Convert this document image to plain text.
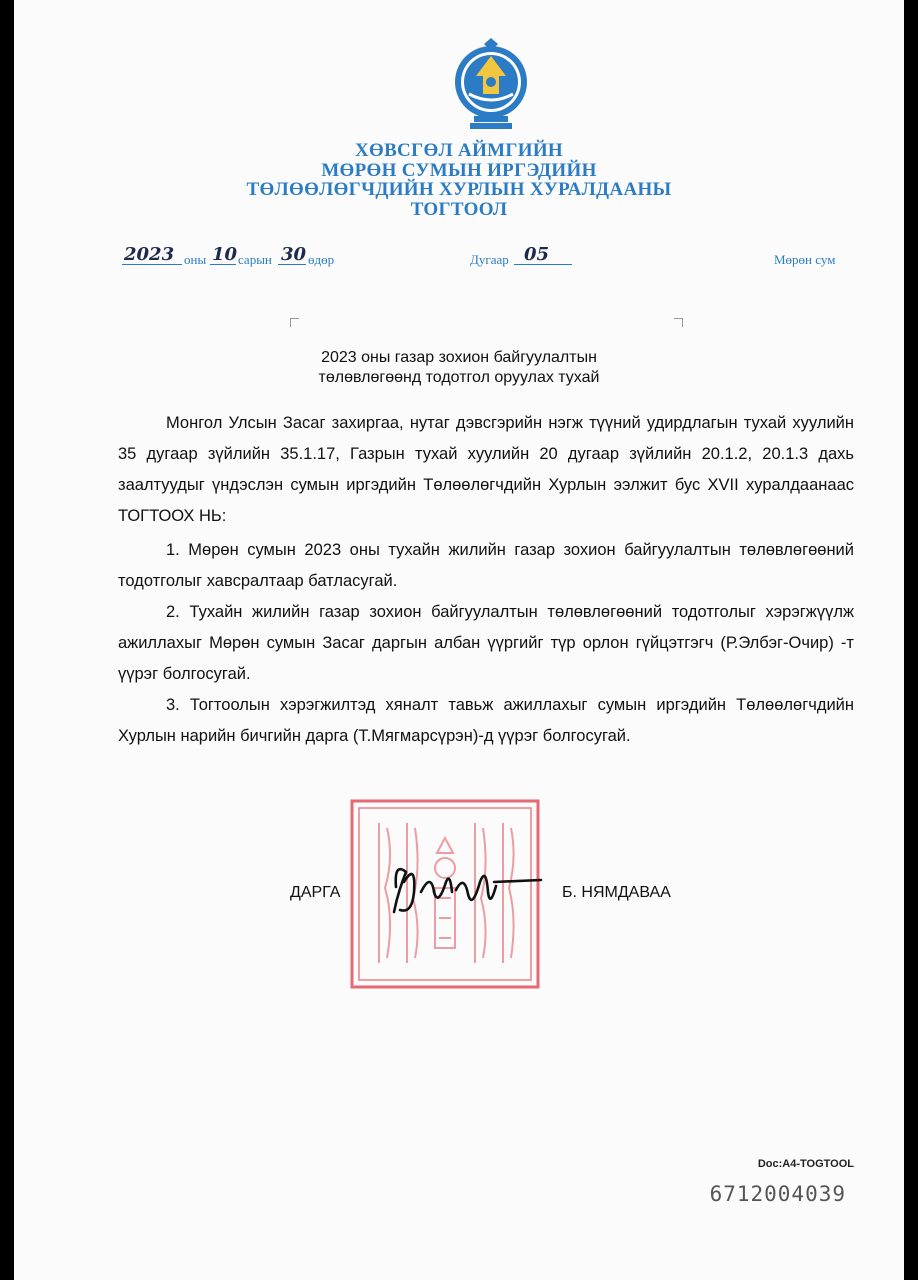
ХӨВСГӨЛ АЙМГИЙН
МӨРӨН СУМЫН ИРГЭДИЙН
ТӨЛӨӨЛӨГЧДИЙН ХУРЛЫН ХУРАЛДААНЫ
ТОГТООЛ
2023 оны 10 сарын 30 өдөр	Дугаар 05	Мөрөн сум
2023 оны газар зохион байгуулалтын
төлөвлөгөөнд тодотгол оруулах тухай
Монгол Улсын Засаг захиргаа, нутаг дэвсгэрийн нэгж түүний удирдлагын тухай хуулийн 35 дугаар зүйлийн 35.1.17, Газрын тухай хуулийн 20 дугаар зүйлийн 20.1.2, 20.1.3 дахь заалтуудыг үндэслэн сумын иргэдийн Төлөөлөгчдийн Хурлын ээлжит бус XVII хуралдаанаас ТОГТООХ НЬ:
1. Мөрөн сумын 2023 оны тухайн жилийн газар зохион байгуулалтын төлөвлөгөөний тодотголыг хавсралтаар батласугай.
2. Тухайн жилийн газар зохион байгуулалтын төлөвлөгөөний тодотголыг хэрэгжүүлж ажиллахыг Мөрөн сумын Засаг даргын албан үүргийг түр орлон гүйцэтгэгч (Р.Элбэг-Очир) -т үүрэг болгосугай.
3. Тогтоолын хэрэгжилтэд хяналт тавьж ажиллахыг сумын иргэдийн Төлөөлөгчдийн Хурлын нарийн бичгийн дарга (Т.Мягмарсүрэн)-д үүрэг болгосугай.
ДАРГА	Б. НЯМДАВАА
Doc:A4-TOGTOOL
6712004039
